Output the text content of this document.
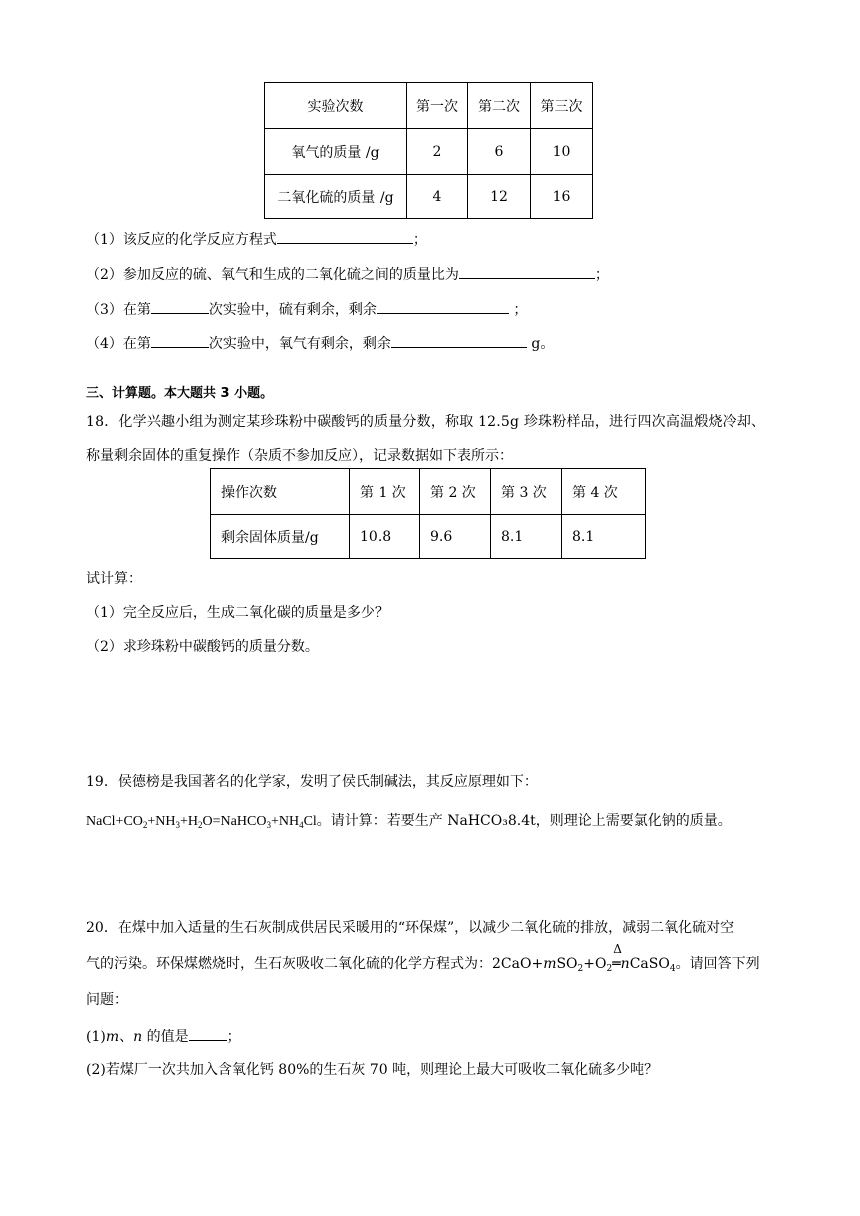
实验次数	第一次	第二次	第三次
氧气的质量 /g	2	6	10
二氧化硫的质量 /g	4	12	16
（1）该反应的化学反应方程式	；
（2）参加反应的硫、氧气和生成的二氧化硫之间的质量比为	；
（3）在第	次实验中，硫有剩余，剩余	；
（4）在第	次实验中，氧气有剩余，剩余	g。
三、计算题。本大题共 3 小题。
18．化学兴趣小组为测定某珍珠粉中碳酸钙的质量分数，称取 12.5g 珍珠粉样品，进行四次高温煅烧冷却、
称量剩余固体的重复操作（杂质不参加反应），记录数据如下表所示：
操作次数	第 1 次	第 2 次	第 3 次	第 4 次
剩余固体质量/g	10.8	9.6	8.1	8.1
试计算：
（1）完全反应后，生成二氧化碳的质量是多少？
（2）求珍珠粉中碳酸钙的质量分数。
19．侯德榜是我国著名的化学家，发明了侯氏制碱法，其反应原理如下：
$NaCl+CO_2+NH_3+H_2O=NaHCO_3+NH_4Cl$。请计算：若要生产 NaHCO₃8.4t，则理论上需要氯化钠的质量。
20．在煤中加入适量的生石灰制成供居民采暖用的“环保煤”，以减少二氧化硫的排放，减弱二氧化硫对空
气的污染。环保煤燃烧时，生石灰吸收二氧化硫的化学方程式为：$2CaO+mSO_2+O_2$
Δ
═nCaSO$_4$。请回答下列
问题：
(1)m、n 的值是	；
(2)若煤厂一次共加入含氧化钙 80%的生石灰 70 吨，则理论上最大可吸收二氧化硫多少吨？
